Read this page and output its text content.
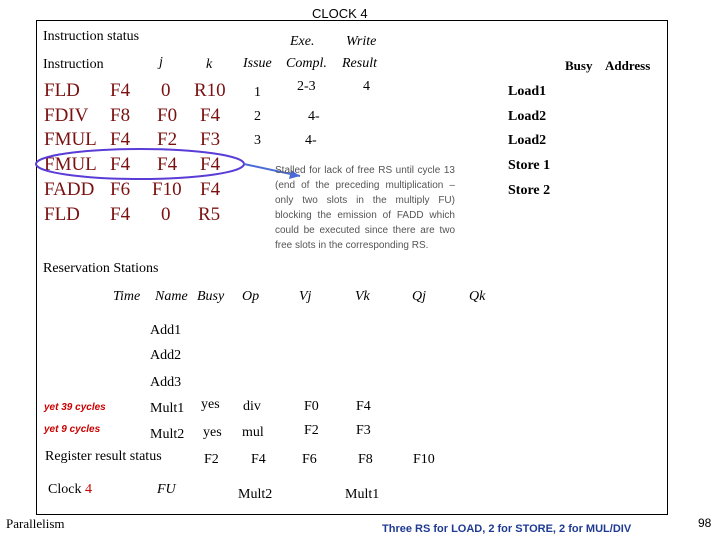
CLOCK 4
Instruction status
Instruction	j	k Issue
Exe.
Compl.
Write
Result
FLD F4 0 R10 1	2-3	4
FDIV F8 F0 F4 2	4-
FMUL F4 F2 F3 3	4-
FMUL F4 F4 F4
FADD F6 F10 F4
FLD F4 0 R5
Busy Address
Load1
Load2
Load2
Store 1
Store 2
Stalled for lack of free RS until cycle 13 (end of the preceding multiplication – only two slots in the multiply FU) blocking the emission of FADD which could be executed since there are two free slots in the corresponding RS.
Reservation Stations
Time Name Busy Op	Vj	Vk	Qj	Qk
Add1
Add2
Add3
yet 39 cycles	Mult1 yes div	F0	F4
yet 9 cycles	Mult2 yes mul	F2	F3
Register result status	F2 F4	F6	F8	F10
Clock 4	FU	Mult2	Mult1
Parallelism	Three RS for LOAD, 2 for STORE, 2 for MUL/DIV	98
